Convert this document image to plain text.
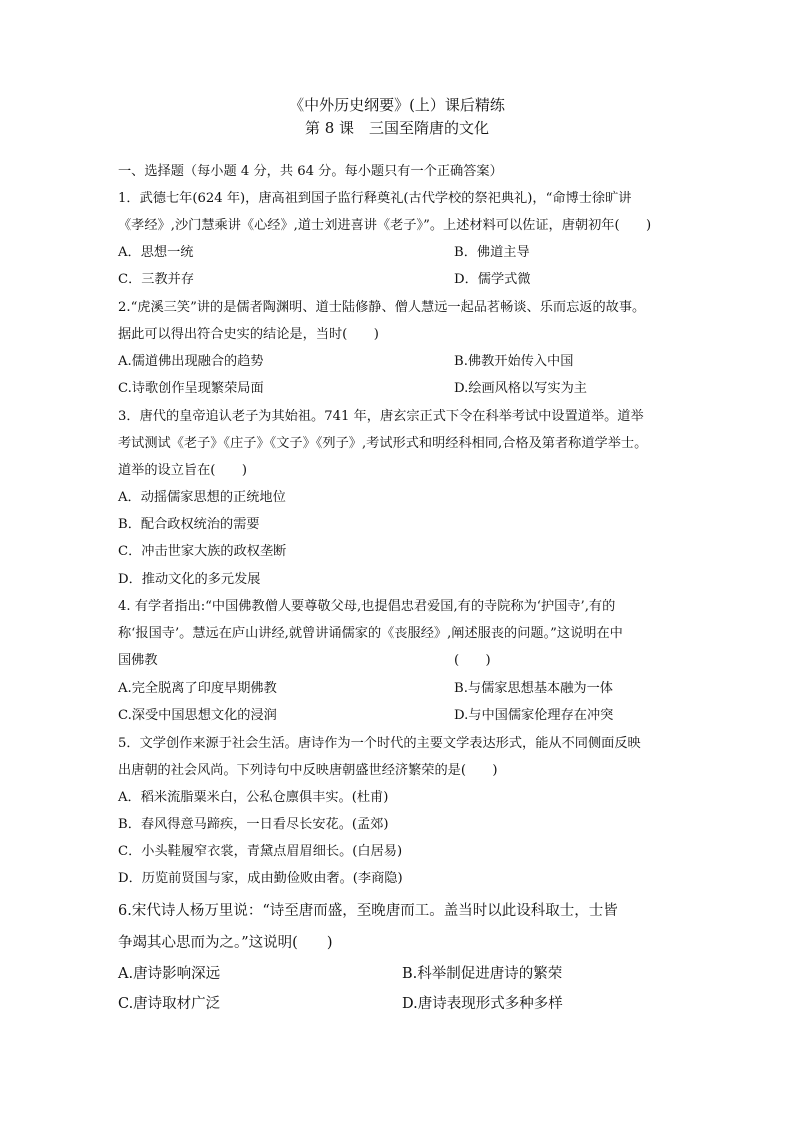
《中外历史纲要》(上）课后精练
第 8 课　三国至隋唐的文化
一、选择题（每小题 4 分，共 64 分。每小题只有一个正确答案）
1．武德七年(624 年)，唐高祖到国子监行释奠礼(古代学校的祭祀典礼)，“命博士徐旷讲
《孝经》,沙门慧乘讲《心经》,道士刘进喜讲《老子》”。上述材料可以佐证，唐朝初年(　　)
A．思想一统	B．佛道主导
C．三教并存	D．儒学式微
2.“虎溪三笑”讲的是儒者陶渊明、道士陆修静、僧人慧远一起品茗畅谈、乐而忘返的故事。
据此可以得出符合史实的结论是，当时(　　)
A.儒道佛出现融合的趋势	B.佛教开始传入中国
C.诗歌创作呈现繁荣局面	D.绘画风格以写实为主
3．唐代的皇帝追认老子为其始祖。741 年，唐玄宗正式下令在科举考试中设置道举。道举
考试测试《老子》《庄子》《文子》《列子》,考试形式和明经科相同,合格及第者称道学举士。
道举的设立旨在(　　)
A．动摇儒家思想的正统地位
B．配合政权统治的需要
C．冲击世家大族的政权垄断
D．推动文化的多元发展
4. 有学者指出:“中国佛教僧人要尊敬父母,也提倡忠君爱国,有的寺院称为‘护国寺’,有的
称‘报国寺’。慧远在庐山讲经,就曾讲诵儒家的《丧服经》,阐述服丧的问题。”这说明在中
国佛教	(　　)
A.完全脱离了印度早期佛教	B.与儒家思想基本融为一体
C.深受中国思想文化的浸润	D.与中国儒家伦理存在冲突
5．文学创作来源于社会生活。唐诗作为一个时代的主要文学表达形式，能从不同侧面反映
出唐朝的社会风尚。下列诗句中反映唐朝盛世经济繁荣的是(　　)
A．稻米流脂粟米白，公私仓廪俱丰实。(杜甫)
B．春风得意马蹄疾，一日看尽长安花。(孟郊)
C．小头鞋履窄衣裳，青黛点眉眉细长。(白居易)
D．历览前贤国与家，成由勤俭败由奢。(李商隐)
6.宋代诗人杨万里说：“诗至唐而盛，至晚唐而工。盖当时以此设科取士，士皆
争竭其心思而为之。”这说明(　　)
A.唐诗影响深远	B.科举制促进唐诗的繁荣
C.唐诗取材广泛	D.唐诗表现形式多种多样
